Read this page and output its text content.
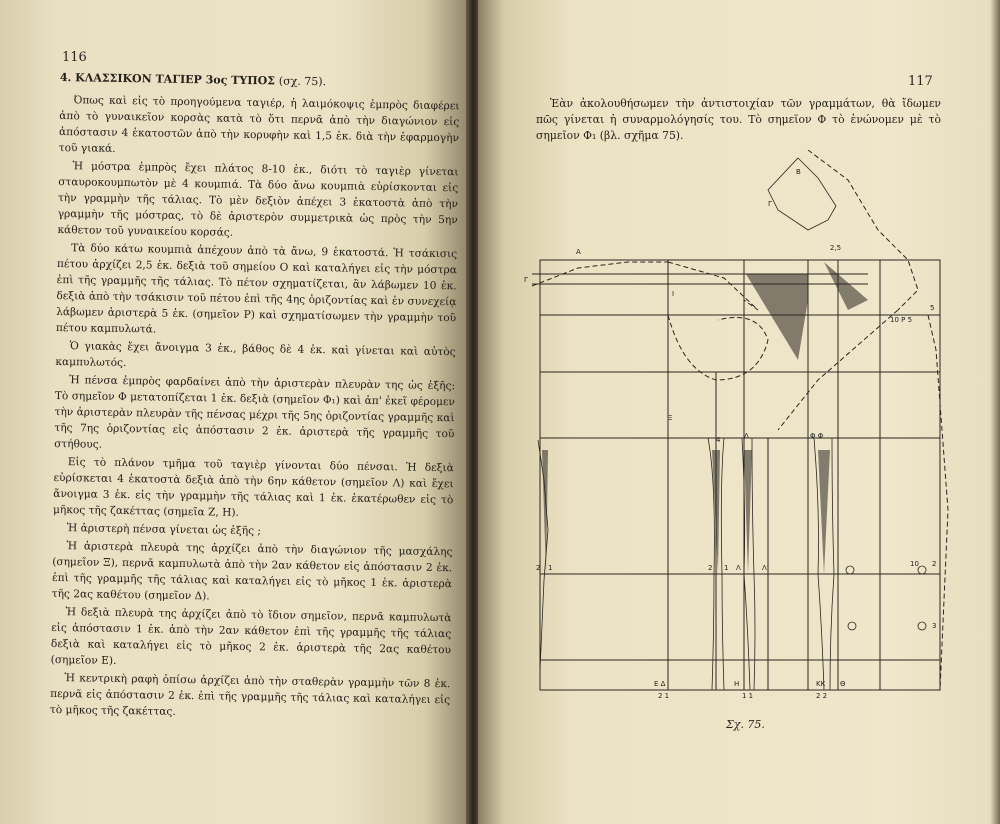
116

4. ΚΛΑΣΣΙΚΟΝ ΤΑΓΙΕΡ 3ος ΤΥΠΟΣ (σχ. 75).

Όπως καὶ εἰς τὸ προηγούμενα ταγιέρ, ἡ λαιμόκοψις ἐμπρὸς διαφέρει ἀπὸ τὸ γυναικεῖον κορσὰς κατὰ τὸ ὅτι περνᾶ ἀπὸ τὴν διαγώνιον εἰς ἀπόστασιν 4 ἑκατοστῶν ἀπὸ τὴν κορυφὴν καὶ 1,5 ἐκ. διὰ τὴν ἐφαρμογὴν τοῦ γιακά.

Ἡ μόστρα ἐμπρὸς ἔχει πλάτος 8-10 ἐκ., διότι τὸ ταγιὲρ γίνεται σταυροκουμπωτὸν μὲ 4 κουμπιά. Τὰ δύο ἄνω κουμπιὰ εὑρίσκονται εἰς τὴν γραμμὴν τῆς τάλιας. Τὸ μὲν δεξιὸν ἀπέχει 3 ἑκατοστὰ ἀπὸ τὴν γραμμὴν τῆς μόστρας, τὸ δὲ ἀριστερὸν συμμετρικὰ ὡς πρὸς τὴν 5ην κάθετον τοῦ γυναικείου κορσάς.

Τὰ δύο κάτω κουμπιὰ ἀπέχουν ἀπὸ τὰ ἄνω, 9 ἑκατοστά. Ἡ τσάκισις πέτου ἀρχίζει 2,5 ἐκ. δεξιὰ τοῦ σημείου Ο καὶ καταλήγει εἰς τὴν μόστρα ἐπὶ τῆς γραμμῆς τῆς τάλιας. Τὸ πέτον σχηματίζεται, ἂν λάβωμεν 10 ἐκ. δεξιὰ ἀπὸ τὴν τσάκισιν τοῦ πέτου ἐπὶ τῆς 4ης ὁριζοντίας καὶ ἐν συνεχείᾳ λάβωμεν ἀριστερὰ 5 ἐκ. (σημεῖον Ρ) καὶ σχηματίσωμεν τὴν γραμμὴν τοῦ πέτου καμπυλωτά.

Ὁ γιακὰς ἔχει ἄνοιγμα 3 ἐκ., βάθος δὲ 4 ἐκ. καὶ γίνεται καὶ αὐτὸς καμπυλωτός.

Ἡ πένσα ἐμπρὸς φαρδαίνει ἀπὸ τὴν ἀριστερὰν πλευρὰν της ὡς ἑξῆς: Τὸ σημεῖον Φ μετατοπίζεται 1 ἐκ. δεξιὰ (σημεῖον Φ₁) καὶ ἀπ' ἐκεῖ φέρομεν τὴν ἀριστερὰν πλευρὰν τῆς πένσας μέχρι τῆς 5ης ὁριζοντίας γραμμῆς καὶ τῆς 7ης ὁριζοντίας εἰς ἀπόστασιν 2 ἐκ. ἀριστερὰ τῆς γραμμῆς τοῦ στήθους.

Εἰς τὸ πλάνον τμῆμα τοῦ ταγιὲρ γίνονται δύο πένσαι. Ἡ δεξιὰ εὑρίσκεται 4 ἑκατοστὰ δεξιὰ ἀπὸ τὴν 6ην κάθετον (σημεῖον Λ) καὶ ἔχει ἄνοιγμα 3 ἐκ. εἰς τὴν γραμμὴν τῆς τάλιας καὶ 1 ἐκ. ἑκατέρωθεν εἰς τὸ μῆκος τῆς ζακέττας (σημεῖα Ζ, Η).

Ἡ ἀριστερὴ πένσα γίνεται ὡς ἑξῆς ;

Ἡ ἀριστερὰ πλευρὰ της ἀρχίζει ἀπὸ τὴν διαγώνιον τῆς μασχάλης (σημεῖον Ξ), περνᾶ καμπυλωτὰ ἀπὸ τὴν 2αν κάθετον εἰς ἀπόστασιν 2 ἐκ. ἐπὶ τῆς γραμμῆς τῆς τάλιας καὶ καταλήγει εἰς τὸ μῆκος 1 ἐκ. ἀριστερὰ τῆς 2ας καθέτου (σημεῖον Δ).

Ἡ δεξιὰ πλευρὰ της ἀρχίζει ἀπὸ τὸ ἴδιον σημεῖον, περνᾶ καμπυλωτὰ εἰς ἀπόστασιν 1 ἐκ. ἀπὸ τὴν 2αν κάθετον ἐπὶ τῆς γραμμῆς τῆς τάλιας δεξιὰ καὶ καταλήγει εἰς τὸ μῆκος 2 ἐκ. ἀριστερὰ τῆς 2ας καθέτου (σημεῖον Ε).

Ἡ κεντρικὴ ραφὴ ὀπίσω ἀρχίζει ἀπὸ τὴν σταθερὰν γραμμὴν τῶν 8 ἐκ. περνᾶ εἰς ἀπόστασιν 2 ἐκ. ἐπὶ τῆς γραμμῆς τῆς τάλιας καὶ καταλήγει εἰς τὸ μῆκος τῆς ζακέττας.

117
Ἐὰν ἀκολουθήσωμεν τὴν ἀντιστοιχίαν τῶν γραμμάτων, θὰ ἴδωμεν πῶς γίνεται ἡ συναρμολόγησίς του. Τὸ σημεῖον Φ τὸ ἑνώνομεν μὲ τὸ σημεῖον Φ₁ (βλ. σχῆμα 75).
Α
Γ
Ι
Ξ
4	Λ	Φ Φ
2,5
10 Ρ 5
5
10 2
3
Λ	Λ'
Ε Δ
2 1
Η
1 1
Θ
ΚΚ
2 2
Β
Γ
1
2	1
2
Σχ. 75.
